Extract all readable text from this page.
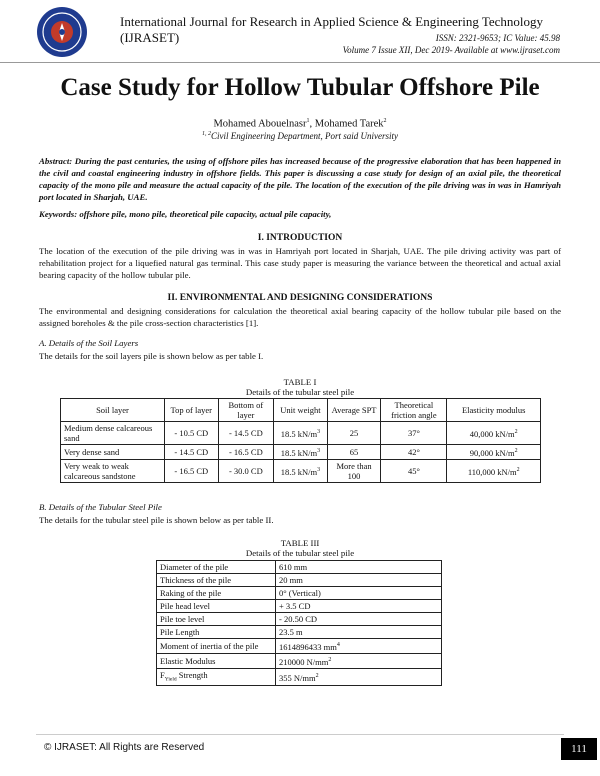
International Journal for Research in Applied Science & Engineering Technology (IJRASET)	ISSN: 2321-9653; IC Value: 45.98
Volume 7 Issue XII, Dec 2019- Available at www.ijraset.com
Case Study for Hollow Tubular Offshore Pile
Mohamed Abouelnasr$^1$, Mohamed Tarek$^2$
$^{1, 2}$Civil Engineering Department, Port said University
Abstract: During the past centuries, the using of offshore piles has increased because of the progressive elaboration that has been happened in the civil and coastal engineering industry in offshore fields. This paper is discussing a case study for design of an axial pile, the theoretical capacity of the mono pile and measure the actual capacity of the pile. The location of the execution of the pile driving was in was in Hamriyah port located in Sharjah, UAE.
Keywords: offshore pile, mono pile, theoretical pile capacity, actual pile capacity,
I. INTRODUCTION
The location of the execution of the pile driving was in was in Hamriyah port located in Sharjah, UAE. The pile driving activity was part of rehabilitation project for a liquefied natural gas terminal. This case study paper is measuring the variance between the theoretical and actual axial bearing capacity of the hollow tubular pile.
II. ENVIRONMENTAL AND DESIGNING CONSIDERATIONS
The environmental and designing considerations for calculation the theoretical axial bearing capacity of the hollow tubular pile based on the assigned boreholes & the pile cross-section characteristics [1].
A. Details of the Soil Layers
The details for the soil layers pile is shown below as per table I.
TABLE I
Details of the tubular steel pile
Soil layer	Top of layer	Bottom of layer	Unit weight	Average SPT	Theoretical friction angle	Elasticity modulus
Medium dense calcareous sand	- 10.5 CD	- 14.5 CD	18.5 $kN/m^3$	25	37°	40,000 $kN/m^2$
Very dense sand	- 14.5 CD	- 16.5 CD	18.5 $kN/m^3$	65	42°	90,000 $kN/m^2$
Very weak to weak calcareous sandstone	- 16.5 CD	- 30.0 CD	18.5 $kN/m^3$	More than 100	45°	110,000 $kN/m^2$
B. Details of the Tubular Steel Pile
The details for the tubular steel pile is shown below as per table II.
TABLE III
Details of the tubular steel pile
Diameter of the pile	610 mm
Thickness of the pile	20 mm
Raking of the pile	0° (Vertical)
Pile head level	+ 3.5 CD
Pile toe level	- 20.50 CD
Pile Length	23.5 m
Moment of inertia of the pile	1614896433 $mm^4$
Elastic Modulus	210000 $N/mm^2$
$F_{Yield}$ Strength	355 $N/mm^2$
© IJRASET: All Rights are Reserved	111
